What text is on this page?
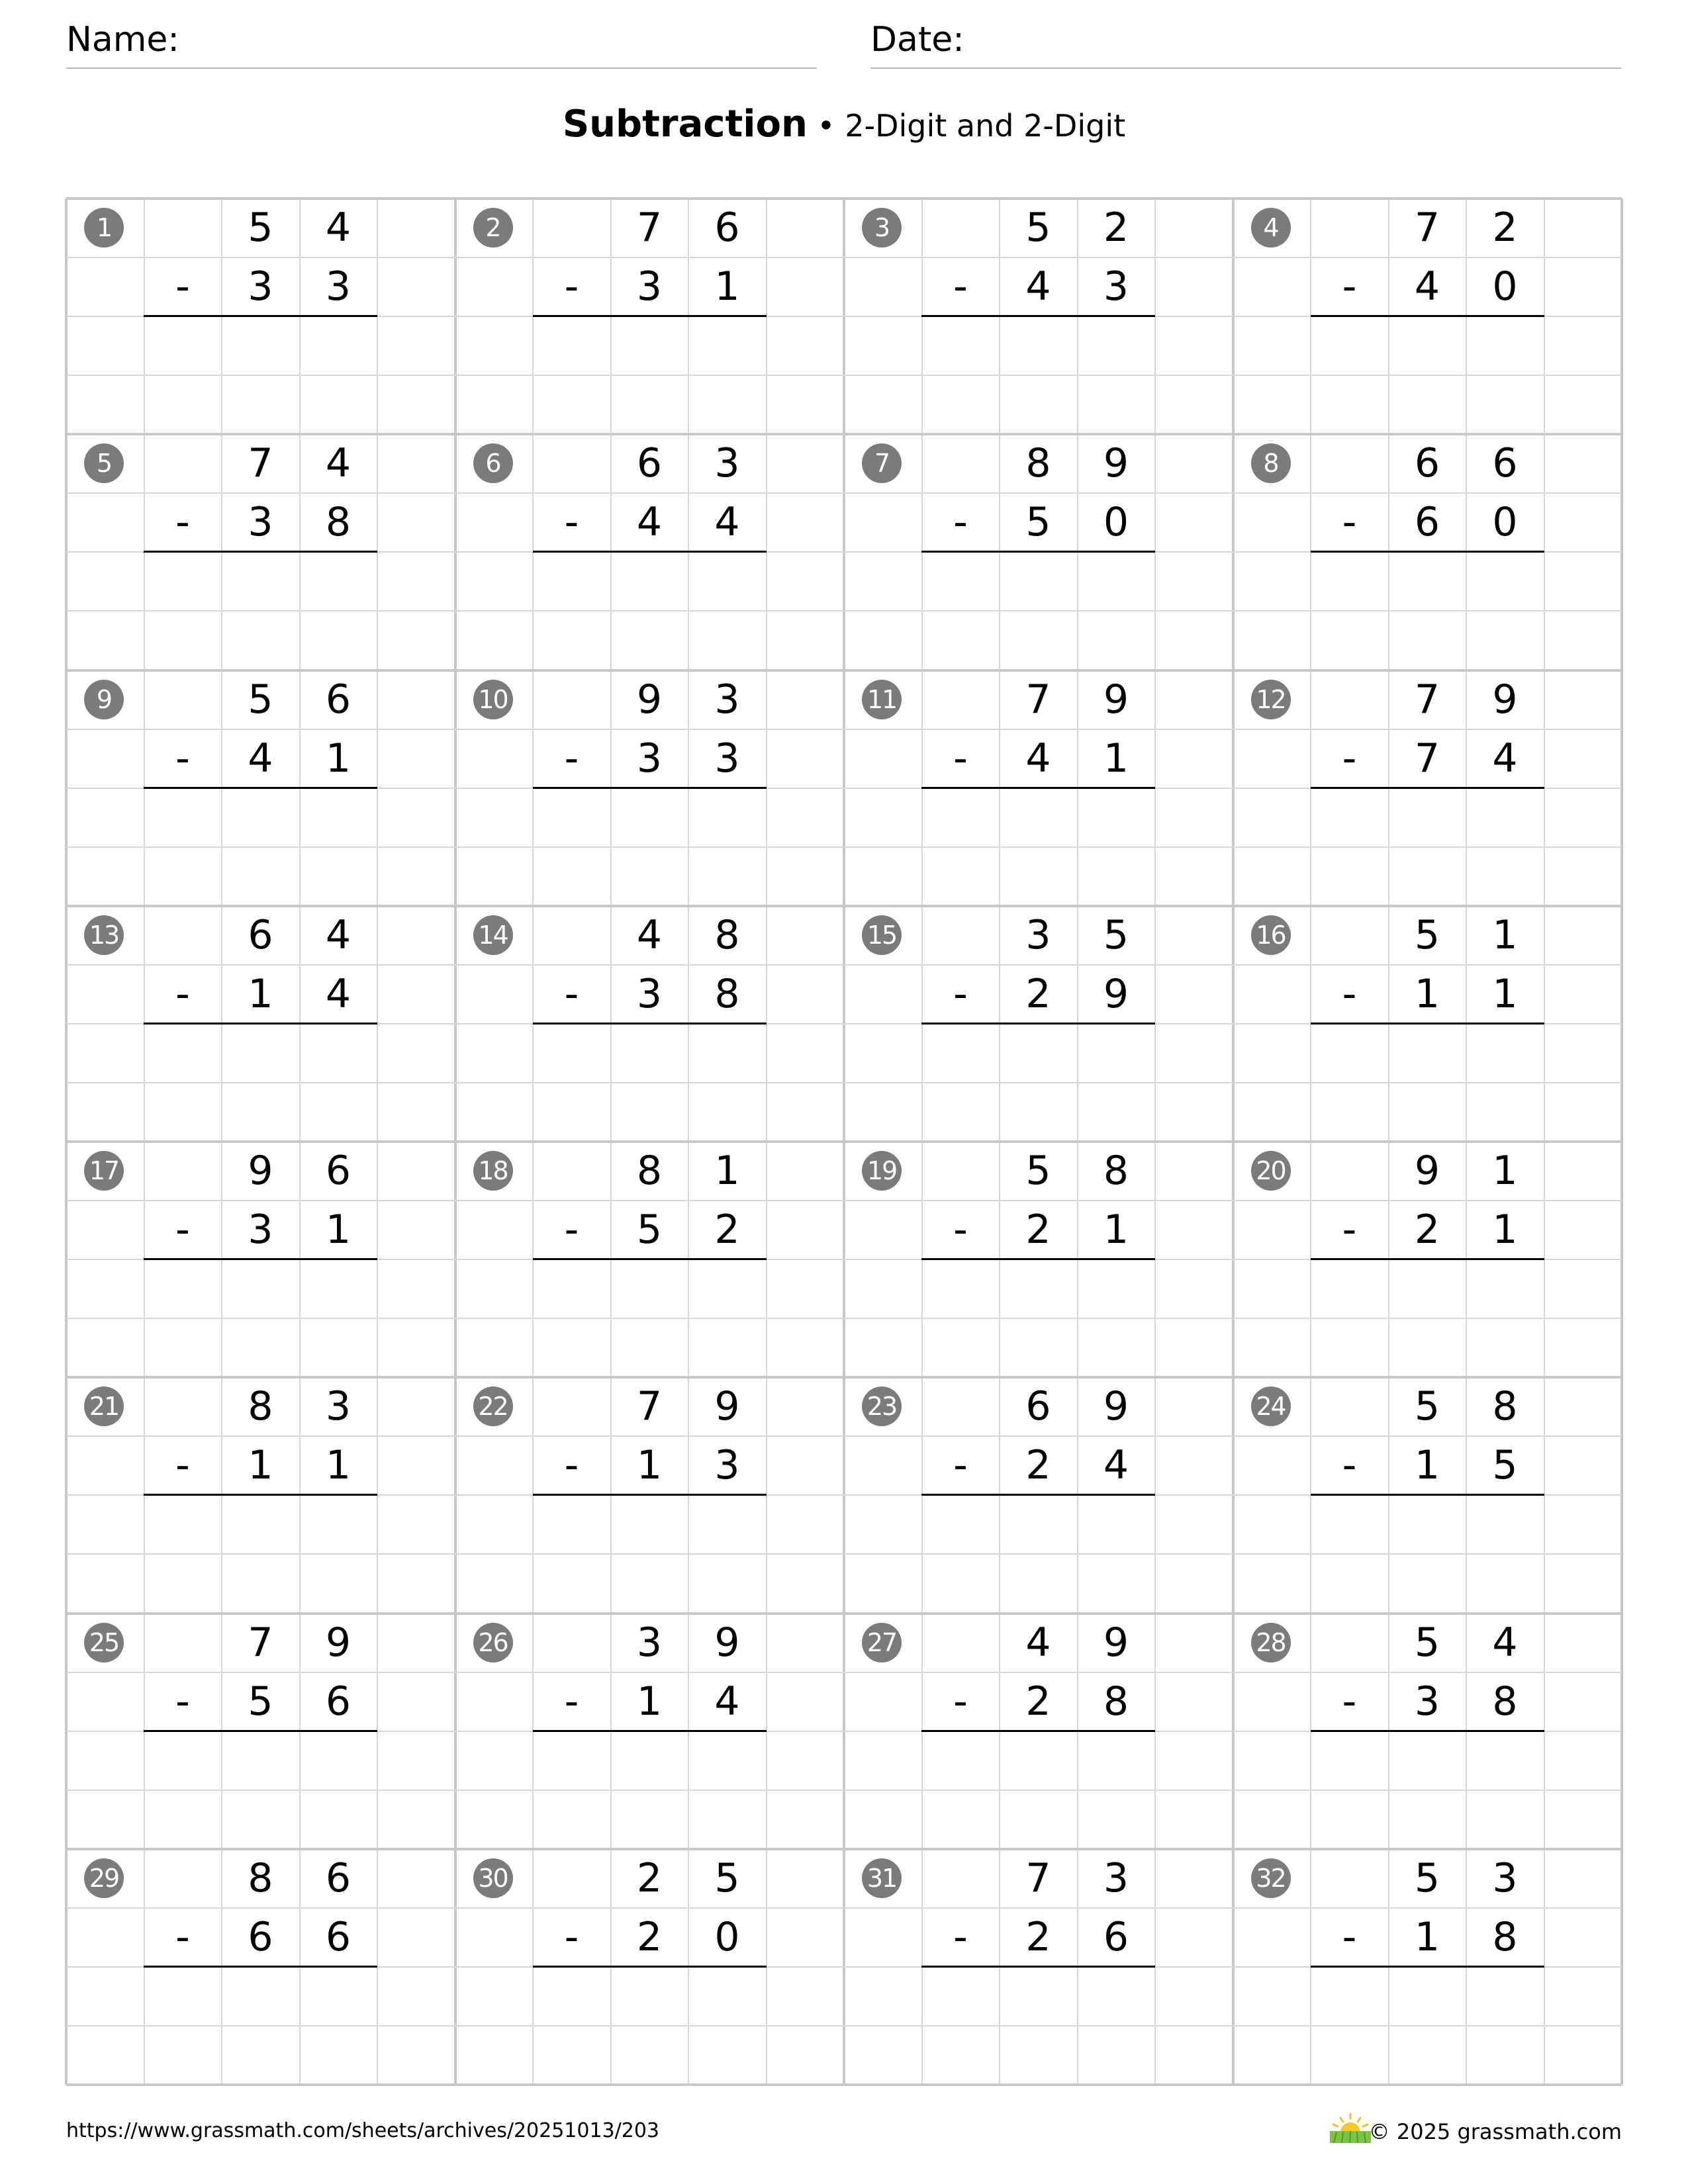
Name:	Date:
Subtraction • 2-Digit and 2-Digit
1	5	4
-	3	3
2	7	6
-	3	1
3	5	2
-	4	3
4	7	2
-	4	0
5	7	4
-	3	8
6	6	3
-	4	4
7	8	9
-	5	0
8	6	6
-	6	0
9	5	6
-	4	1
10	9	3
-	3	3
11	7	9
-	4	1
12	7	9
-	7	4
13	6	4
-	1	4
14	4	8
-	3	8
15	3	5
-	2	9
16	5	1
-	1	1
17	9	6
-	3	1
18	8	1
-	5	2
19	5	8
-	2	1
20	9	1
-	2	1
21	8	3
-	1	1
22	7	9
-	1	3
23	6	9
-	2	4
24	5	8
-	1	5
25	7	9
-	5	6
26	3	9
-	1	4
27	4	9
-	2	8
28	5	4
-	3	8
29	8	6
-	6	6
30	2	5
-	2	0
31	7	3
-	2	6
32	5	3
-	1	8
https://www.grassmath.com/sheets/archives/20251013/203	© 2025 grassmath.com
